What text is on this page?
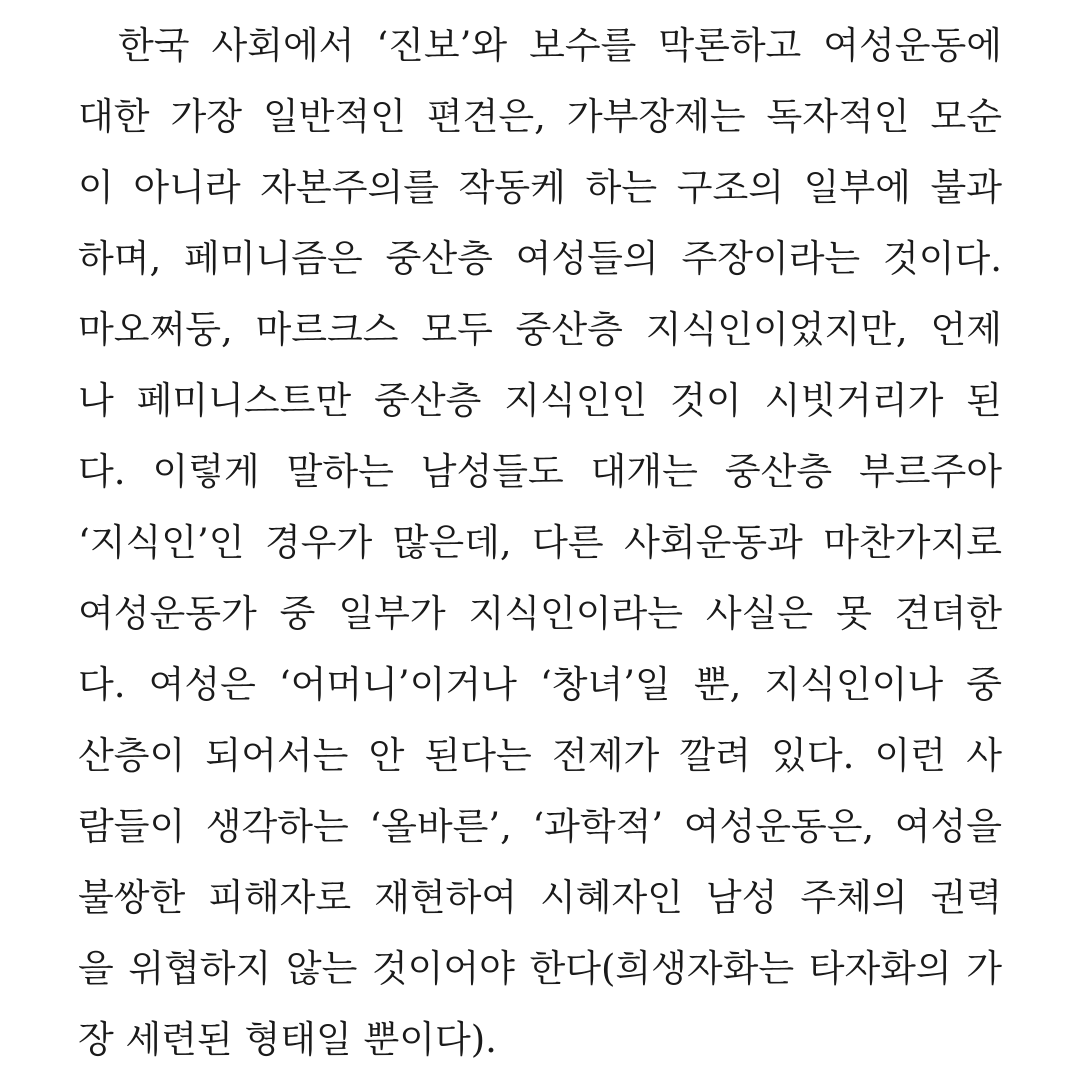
한국 사회에서 ‘진보’와 보수를 막론하고 여성운동에
대한 가장 일반적인 편견은, 가부장제는 독자적인 모순
이 아니라 자본주의를 작동케 하는 구조의 일부에 불과
하며, 페미니즘은 중산층 여성들의 주장이라는 것이다.
마오쩌둥, 마르크스 모두 중산층 지식인이었지만, 언제
나 페미니스트만 중산층 지식인인 것이 시빗거리가 된
다. 이렇게 말하는 남성들도 대개는 중산층 부르주아
‘지식인’인 경우가 많은데, 다른 사회운동과 마찬가지로
여성운동가 중 일부가 지식인이라는 사실은 못 견뎌한
다. 여성은 ‘어머니’이거나 ‘창녀’일 뿐, 지식인이나 중
산층이 되어서는 안 된다는 전제가 깔려 있다. 이런 사
람들이 생각하는 ‘올바른’, ‘과학적’ 여성운동은, 여성을
불쌍한 피해자로 재현하여 시혜자인 남성 주체의 권력
을 위협하지 않는 것이어야 한다(희생자화는 타자화의 가
장 세련된 형태일 뿐이다).
